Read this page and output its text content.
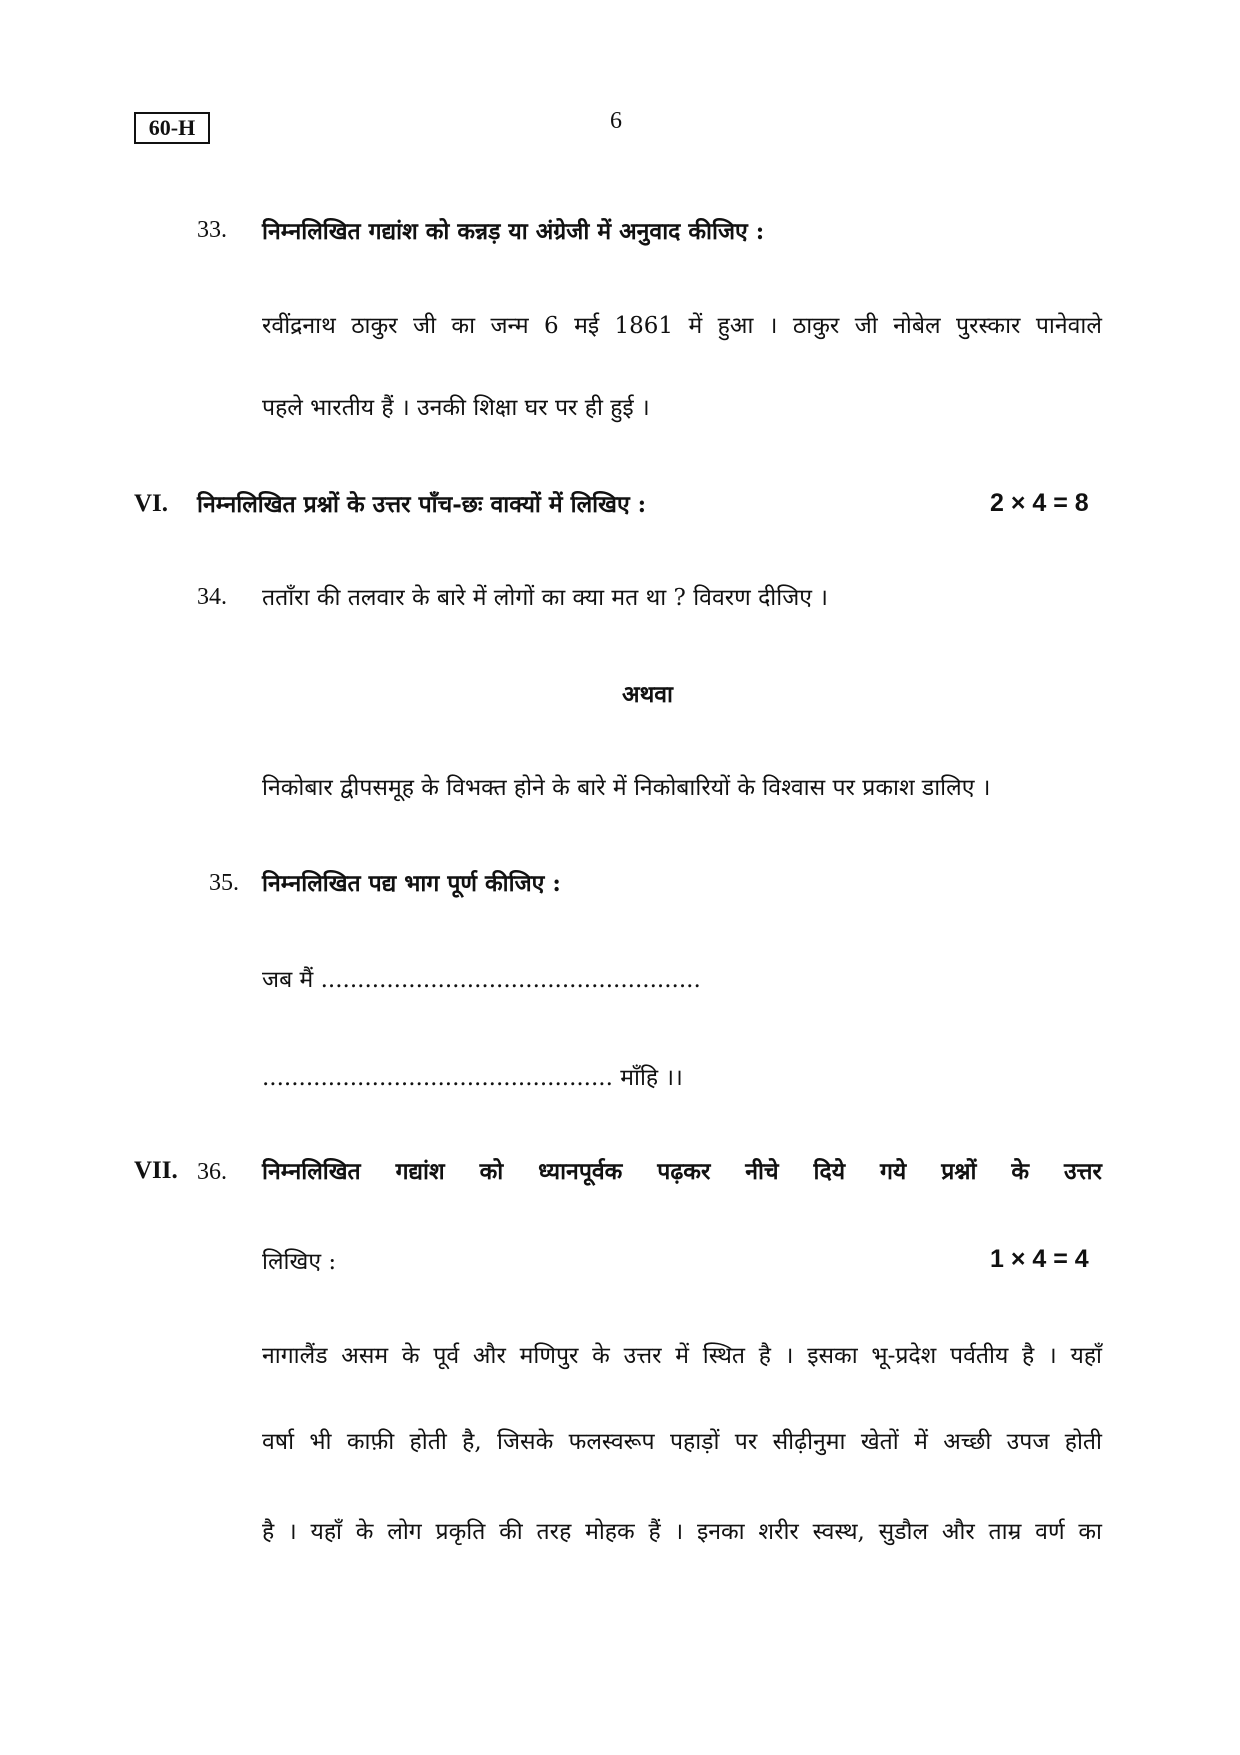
60-H	6
33. निम्नलिखित गद्यांश को कन्नड़ या अंग्रेजी में अनुवाद कीजिए :
रवींद्रनाथ ठाकुर जी का जन्म 6 मई 1861 में हुआ । ठाकुर जी नोबेल पुरस्कार पानेवाले
पहले भारतीय हैं । उनकी शिक्षा घर पर ही हुई ।
VI. निम्नलिखित प्रश्नों के उत्तर पाँच-छः वाक्यों में लिखिए :	2 × 4 = 8
34. तताँरा की तलवार के बारे में लोगों का क्या मत था ? विवरण दीजिए ।
अथवा
निकोबार द्वीपसमूह के विभक्त होने के बारे में निकोबारियों के विश्वास पर प्रकाश डालिए ।
35. निम्नलिखित पद्य भाग पूर्ण कीजिए :
जब मैं ....................................................
................................................ माँहि ।।
VII. 36. निम्नलिखित गद्यांश को ध्यानपूर्वक पढ़कर नीचे दिये गये प्रश्नों के उत्तर
लिखिए :	1 × 4 = 4
नागालैंड असम के पूर्व और मणिपुर के उत्तर में स्थित है । इसका भू-प्रदेश पर्वतीय है । यहाँ
वर्षा भी काफ़ी होती है, जिसके फलस्वरूप पहाड़ों पर सीढ़ीनुमा खेतों में अच्छी उपज होती
है । यहाँ के लोग प्रकृति की तरह मोहक हैं । इनका शरीर स्वस्थ, सुडौल और ताम्र वर्ण का
